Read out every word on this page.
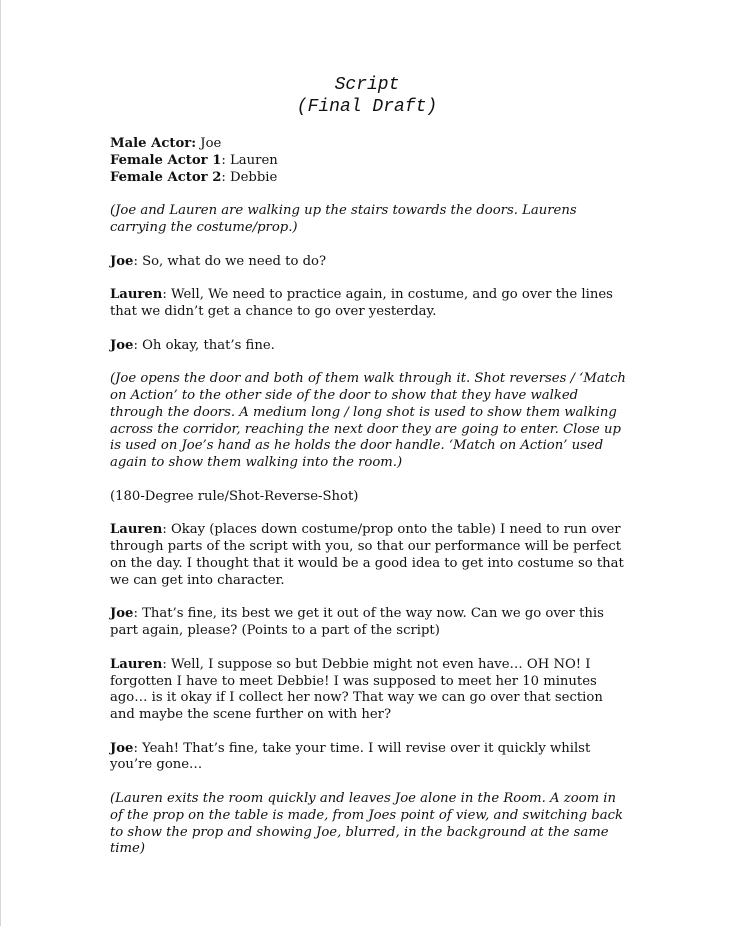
Script
(Final Draft)

Male Actor: Joe

Female Actor 1: Lauren

Female Actor 2: Debbie

(Joe and Lauren are walking up the stairs towards the doors. Laurens carrying the costume/prop.)

Joe: So, what do we need to do?

Lauren: Well, We need to practice again, in costume, and go over the lines that we didn’t get a chance to go over yesterday.

Joe: Oh okay, that’s fine.

(Joe opens the door and both of them walk through it. Shot reverses / ‘Match on Action’ to the other side of the door to show that they have walked through the doors. A medium long / long shot is used to show them walking across the corridor, reaching the next door they are going to enter. Close up is used on Joe’s hand as he holds the door handle. ‘Match on Action’ used again to show them walking into the room.)

(180-Degree rule/Shot-Reverse-Shot)

Lauren: Okay (places down costume/prop onto the table) I need to run over through parts of the script with you, so that our performance will be perfect on the day. I thought that it would be a good idea to get into costume so that we can get into character.

Joe: That’s fine, its best we get it out of the way now. Can we go over this part again, please? (Points to a part of the script)

Lauren: Well, I suppose so but Debbie might not even have… OH NO! I forgotten I have to meet Debbie! I was supposed to meet her 10 minutes ago… is it okay if I collect her now? That way we can go over that section and maybe the scene further on with her?

Joe: Yeah! That’s fine, take your time. I will revise over it quickly whilst you’re gone…

(Lauren exits the room quickly and leaves Joe alone in the Room. A zoom in of the prop on the table is made, from Joes point of view, and switching back to show the prop and showing Joe, blurred, in the background at the same time)
